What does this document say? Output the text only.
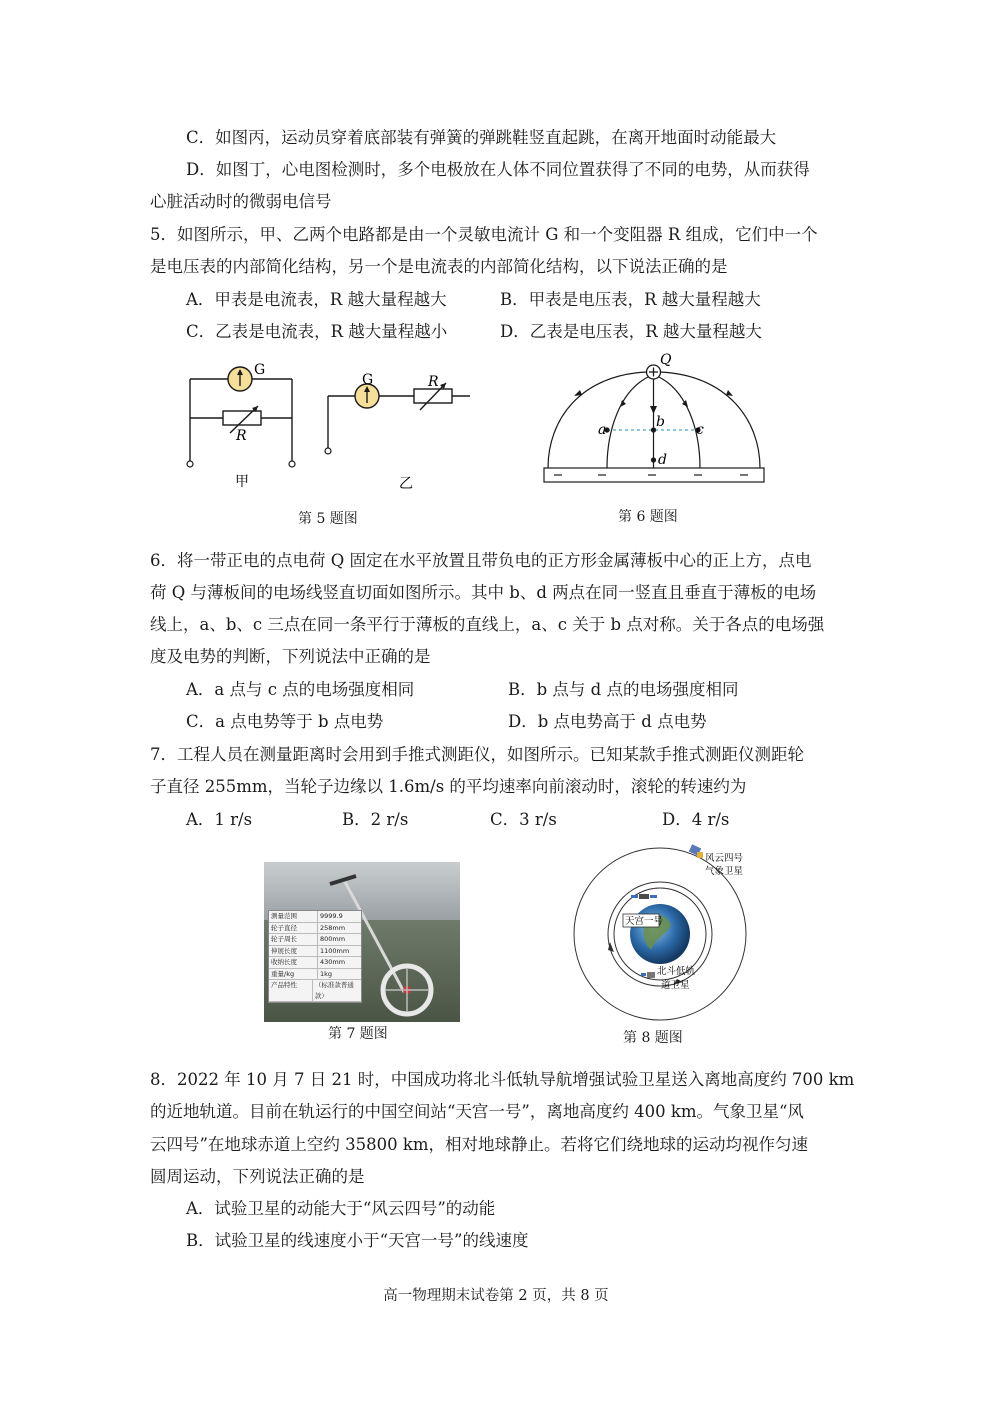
C．如图丙，运动员穿着底部装有弹簧的弹跳鞋竖直起跳，在离开地面时动能最大
D．如图丁，心电图检测时，多个电极放在人体不同位置获得了不同的电势，从而获得
心脏活动时的微弱电信号
5．如图所示，甲、乙两个电路都是由一个灵敏电流计 G 和一个变阻器 R 组成，它们中一个
是电压表的内部简化结构，另一个是电流表的内部简化结构，以下说法正确的是
A．甲表是电流表，R 越大量程越大	B．甲表是电压表，R 越大量程越大
C．乙表是电流表，R 越大量程越小	D．乙表是电压表，R 越大量程越大
G
R
G	R
甲	乙
第 5 题图
Q
a	b c
d
第 6 题图
6．将一带正电的点电荷 Q 固定在水平放置且带负电的正方形金属薄板中心的正上方，点电
荷 Q 与薄板间的电场线竖直切面如图所示。其中 b、d 两点在同一竖直且垂直于薄板的电场
线上，a、b、c 三点在同一条平行于薄板的直线上，a、c 关于 b 点对称。关于各点的电场强
度及电势的判断，下列说法中正确的是
A．a 点与 c 点的电场强度相同	B．b 点与 d 点的电场强度相同
C．a 点电势等于 b 点电势	D．b 点电势高于 d 点电势
7．工程人员在测量距离时会用到手推式测距仪，如图所示。已知某款手推式测距仪测距轮
子直径 255mm，当轮子边缘以 1.6m/s 的平均速率向前滚动时，滚轮的转速约为
A．1 r/s	B．2 r/s	C．3 r/s	D．4 r/s
测量范围	9999.9
轮子直径	258mm
轮子周长	800mm
伸展长度	1100mm
收纳长度	430mm
重量/kg	1kg
产品特性	（标准款普通款）
第 7 题图
风云四号
气象卫星
天宫一号
北斗低轨
道卫星
第 8 题图
8．2022 年 10 月 7 日 21 时，中国成功将北斗低轨导航增强试验卫星送入离地高度约 700 km
的近地轨道。目前在轨运行的中国空间站“天宫一号”，离地高度约 400 km。气象卫星“风
云四号”在地球赤道上空约 35800 km，相对地球静止。若将它们绕地球的运动均视作匀速
圆周运动，下列说法正确的是
A．试验卫星的动能大于“风云四号”的动能
B．试验卫星的线速度小于“天宫一号”的线速度
高一物理期末试卷第 2 页，共 8 页
